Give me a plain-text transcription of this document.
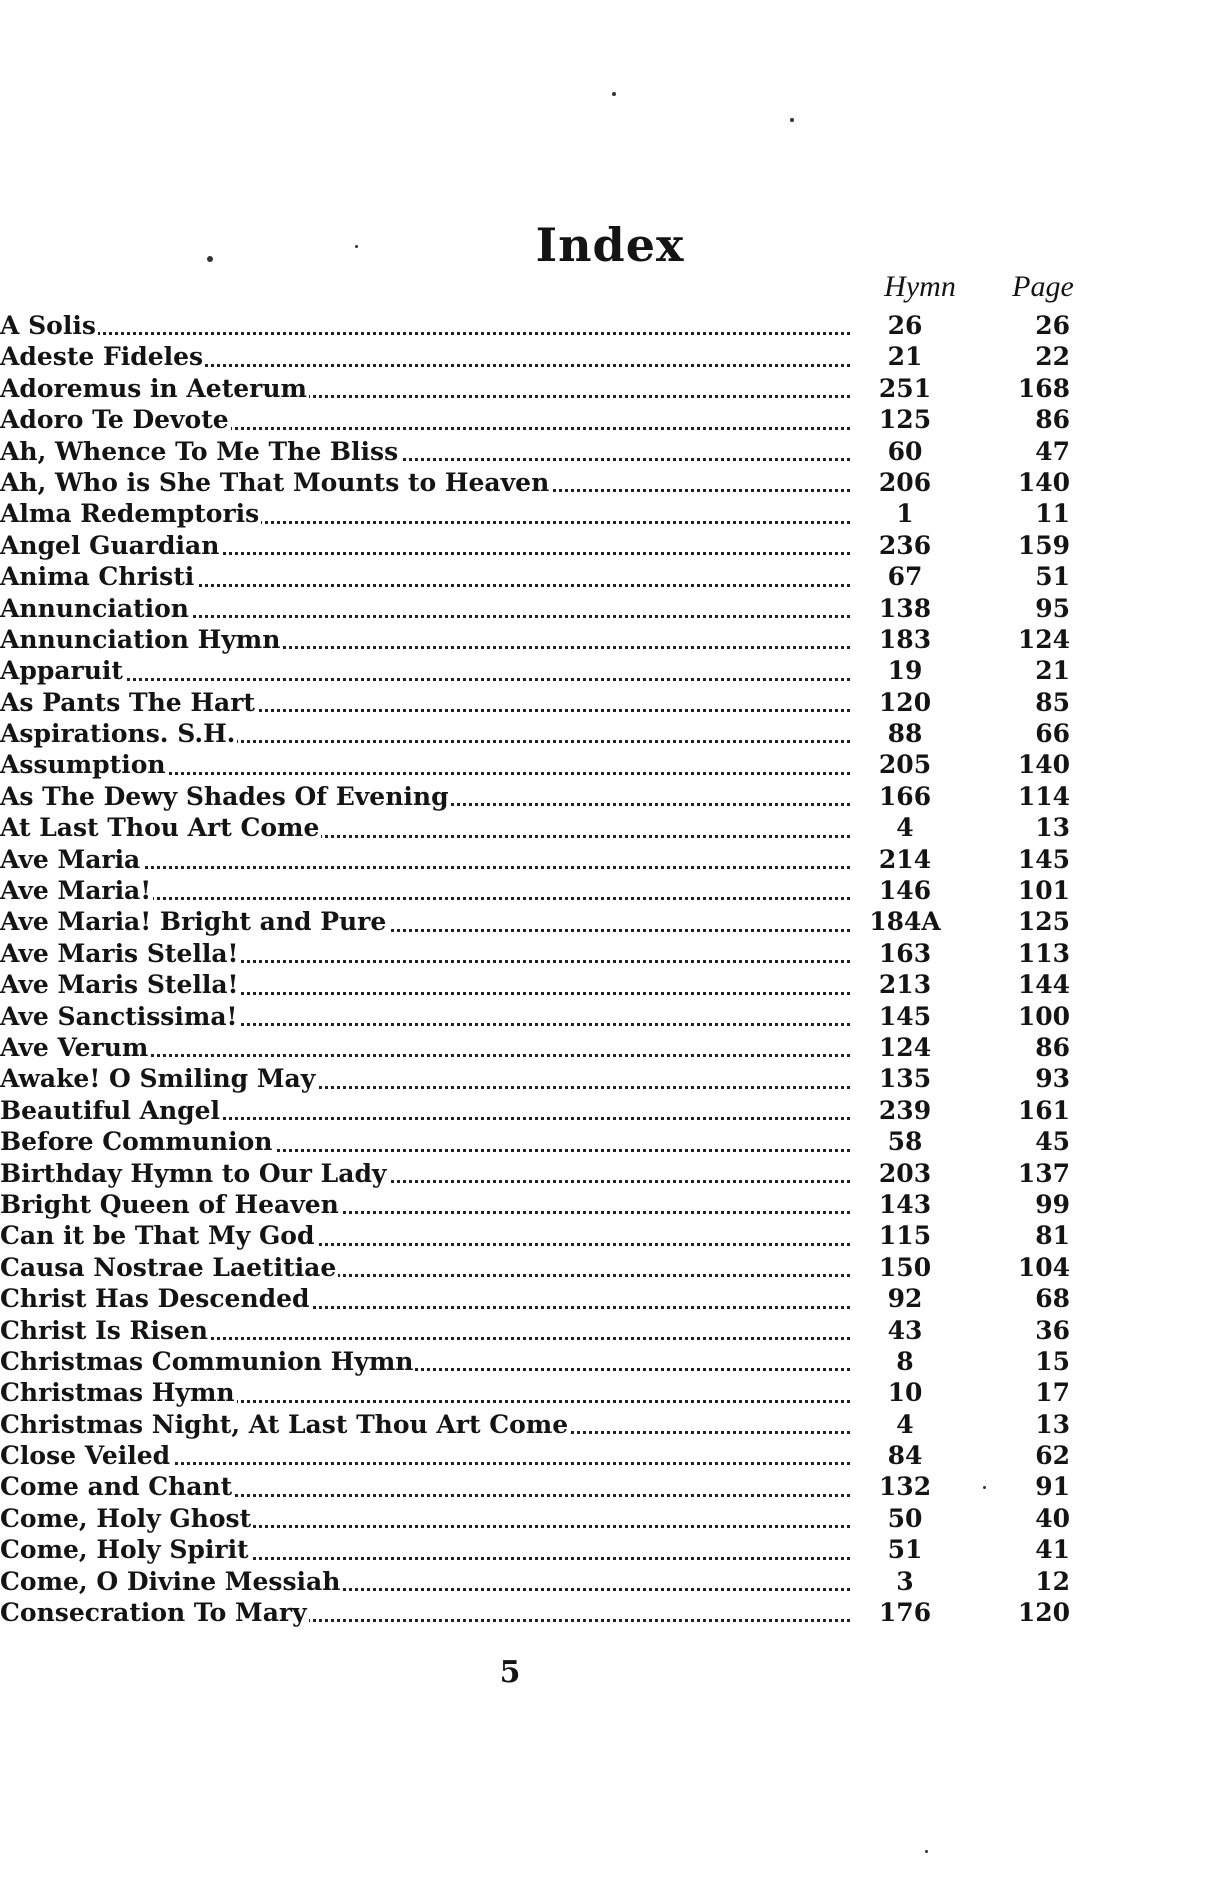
Index
Hymn	Page
A Solis	26	26
Adeste Fideles	21	22
Adoremus in Aeterum	251	168
Adoro Te Devote	125	86
Ah, Whence To Me The Bliss	60	47
Ah, Who is She That Mounts to Heaven	206	140
Alma Redemptoris	1	11
Angel Guardian	236	159
Anima Christi	67	51
Annunciation	138	95
Annunciation Hymn	183	124
Apparuit	19	21
As Pants The Hart	120	85
Aspirations. S.H.	88	66
Assumption	205	140
As The Dewy Shades Of Evening	166	114
At Last Thou Art Come	4	13
Ave Maria	214	145
Ave Maria!	146	101
Ave Maria! Bright and Pure	184A	125
Ave Maris Stella!	163	113
Ave Maris Stella!	213	144
Ave Sanctissima!	145	100
Ave Verum	124	86
Awake! O Smiling May	135	93
Beautiful Angel	239	161
Before Communion	58	45
Birthday Hymn to Our Lady	203	137
Bright Queen of Heaven	143	99
Can it be That My God	115	81
Causa Nostrae Laetitiae	150	104
Christ Has Descended	92	68
Christ Is Risen	43	36
Christmas Communion Hymn	8	15
Christmas Hymn	10	17
Christmas Night, At Last Thou Art Come	4	13
Close Veiled	84	62
Come and Chant	132	91
Come, Holy Ghost	50	40
Come, Holy Spirit	51	41
Come, O Divine Messiah	3	12
Consecration To Mary	176	120
5
